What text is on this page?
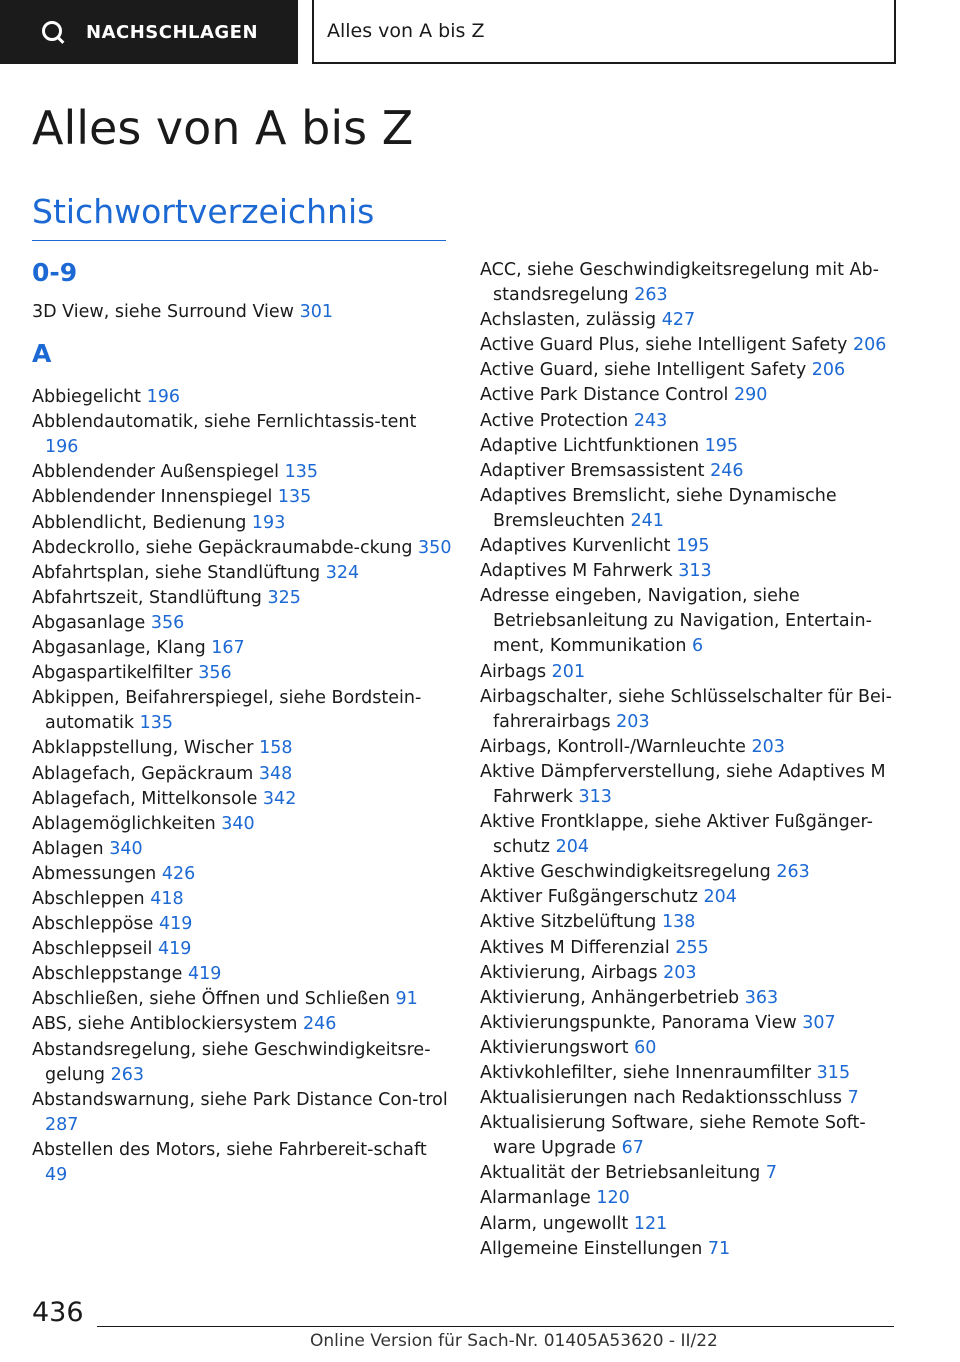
NACHSCHLAGEN	Alles von A bis Z
Alles von A bis Z
Stichwortverzeichnis

0-9

3D View, siehe Surround View 301

A

Abbiegelicht 196

Abblendautomatik, siehe Fernlichtassis-tent 196

Abblendender Außenspiegel 135

Abblendender Innenspiegel 135

Abblendlicht, Bedienung 193

Abdeckrollo, siehe Gepäckraumabde-ckung 350

Abfahrtsplan, siehe Standlüftung 324

Abfahrtszeit, Standlüftung 325

Abgasanlage 356

Abgasanlage, Klang 167

Abgaspartikelfilter 356

Abkippen, Beifahrerspiegel, siehe Bordstein-automatik 135

Abklappstellung, Wischer 158

Ablagefach, Gepäckraum 348

Ablagefach, Mittelkonsole 342

Ablagemöglichkeiten 340

Ablagen 340

Abmessungen 426

Abschleppen 418

Abschleppöse 419

Abschleppseil 419

Abschleppstange 419

Abschließen, siehe Öffnen und Schließen 91

ABS, siehe Antiblockiersystem 246

Abstandsregelung, siehe Geschwindigkeitsre-gelung 263

Abstandswarnung, siehe Park Distance Con-trol 287

Abstellen des Motors, siehe Fahrbereit-schaft 49

ACC, siehe Geschwindigkeitsregelung mit Ab-standsregelung 263

Achslasten, zulässig 427

Active Guard Plus, siehe Intelligent Safety 206

Active Guard, siehe Intelligent Safety 206

Active Park Distance Control 290

Active Protection 243

Adaptive Lichtfunktionen 195

Adaptiver Bremsassistent 246

Adaptives Bremslicht, siehe Dynamische Bremsleuchten 241

Adaptives Kurvenlicht 195

Adaptives M Fahrwerk 313

Adresse eingeben, Navigation, siehe Betriebsanleitung zu Navigation, Entertain-ment, Kommunikation 6

Airbags 201

Airbagschalter, siehe Schlüsselschalter für Bei-fahrerairbags 203

Airbags, Kontroll-/Warnleuchte 203

Aktive Dämpferverstellung, siehe Adaptives M Fahrwerk 313

Aktive Frontklappe, siehe Aktiver Fußgänger-schutz 204

Aktive Geschwindigkeitsregelung 263

Aktiver Fußgängerschutz 204

Aktive Sitzbelüftung 138

Aktives M Differenzial 255

Aktivierung, Airbags 203

Aktivierung, Anhängerbetrieb 363

Aktivierungspunkte, Panorama View 307

Aktivierungswort 60

Aktivkohlefilter, siehe Innenraumfilter 315

Aktualisierungen nach Redaktionsschluss 7

Aktualisierung Software, siehe Remote Soft-ware Upgrade 67

Aktualität der Betriebsanleitung 7

Alarmanlage 120

Alarm, ungewollt 121

Allgemeine Einstellungen 71

436
Online Version für Sach-Nr. 01405A53620 - II/22
